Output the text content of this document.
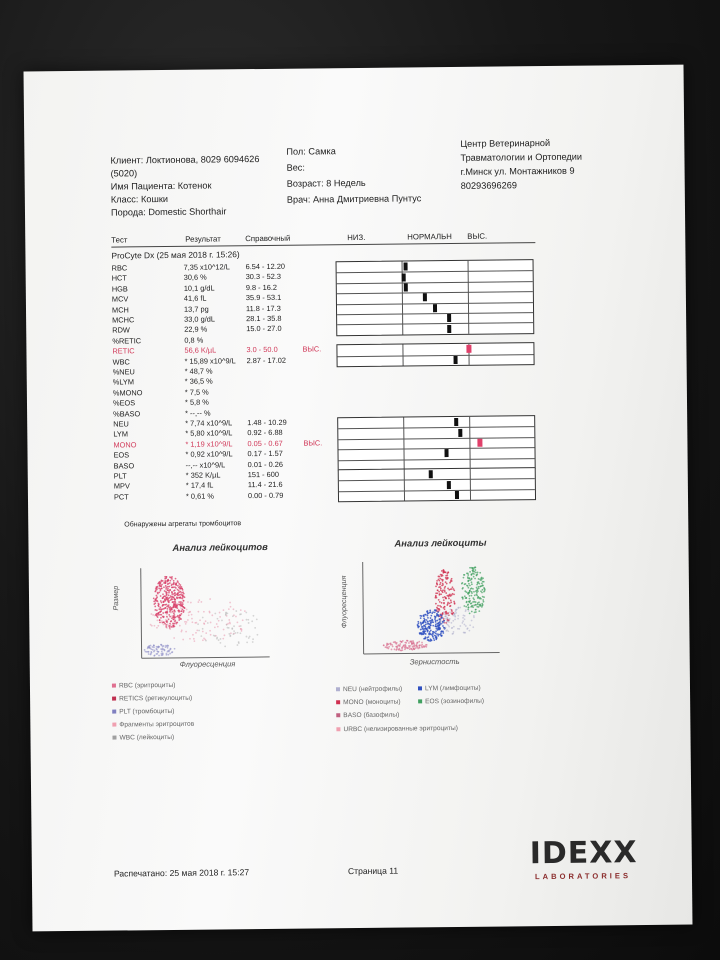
Клиент: Локтионова, 8029 6094626
(5020)
Имя Пациента: Котенок
Класс: Кошки
Порода: Domestic Shorthair
Пол: Самка
Вес:
Возраст: 8 Недель
Врач: Анна Дмитриевна Пунтус
Центр Ветеринарной
Травматологии и Ортопедии
г.Минск ул. Монтажников 9
80293696269
Тест	Результат	Справочный	НИЗ.	НОРМАЛЬН ВЫС.
ProCyte Dx (25 мая 2018 г. 15:26)
RBC	7,35 x10^12/L 6.54 - 12.20
HCT	30,6 %	30.3 - 52.3
HGB	10,1 g/dL	9.8 - 16.2
MCV	41,6 fL	35.9 - 53.1
MCH	13,7 pg	11.8 - 17.3
MCHC	33,0 g/dL	28.1 - 35.8
RDW	22,9 %	15.0 - 27.0
%RETIC	0,8 %
RETIC	56,6 K/µL	3.0 - 50.0	ВЫС.
WBC	* 15,89 x10^9/L 2.87 - 17.02
%NEU	* 48,7 %
%LYM	* 36,5 %
%MONO	* 7,5 %
%EOS	* 5,8 %
%BASO	* --,-- %
NEU	* 7,74 x10^9/L 1.48 - 10.29
LYM	* 5,80 x10^9/L 0.92 - 6.88
MONO	* 1,19 x10^9/L 0.05 - 0.67	ВЫС.
EOS	* 0,92 x10^9/L 0.17 - 1.57
BASO	--,-- x10^9/L	0.01 - 0.26
PLT	* 352 K/µL	151 - 600
MPV	* 17,4 fL	11.4 - 21.6
PCT	* 0,61 %	0.00 - 0.79
Обнаружены агрегаты тромбоцитов
Анализ лейкоцитов
Размер
Флуоресценция
RBC (эритроциты)
RETICS (ретикулоциты)
PLT (тромбоциты)
Фрагменты эритроцитов
WBC (лейкоциты)
Анализ лейкоциты
Флуоресценция
Зернистость
NEU (нейтрофилы)	LYM (лимфоциты)
MONO (моноциты)	EOS (эозинофилы)
BASO (базофилы)
URBC (нелизированные эритроциты)
Распечатано: 25 мая 2018 г. 15:27	Страница 11	IDEXX
LABORATORIES
